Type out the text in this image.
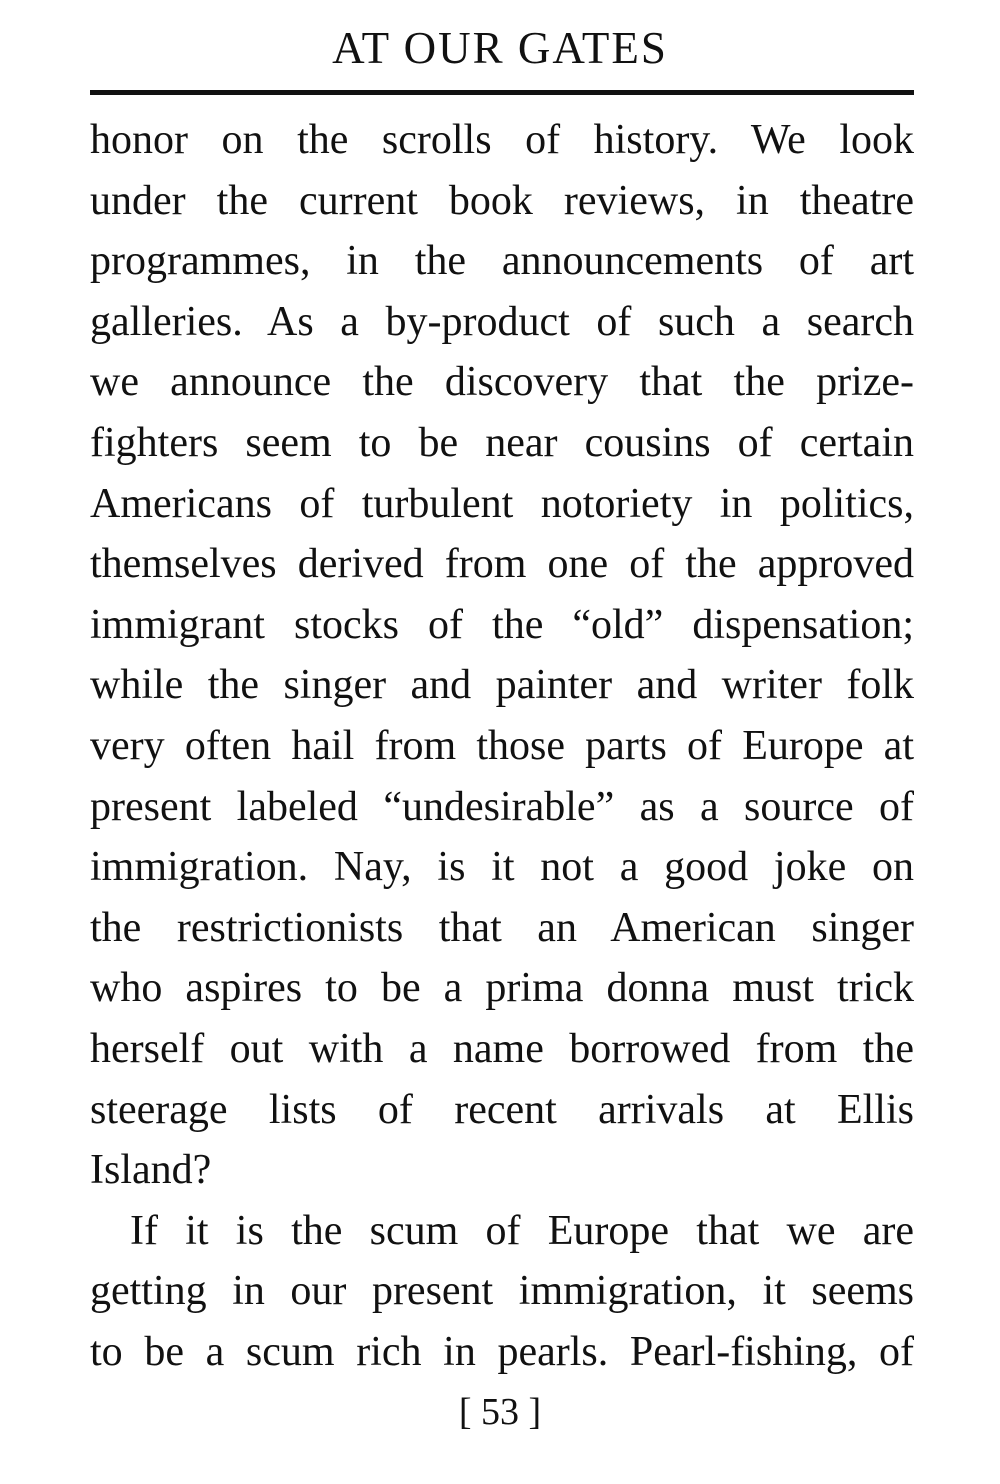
AT OUR GATES
honor on the scrolls of history. We look
under the current book reviews, in theatre
programmes, in the announcements of art
galleries. As a by-product of such a search
we announce the discovery that the prize-
fighters seem to be near cousins of certain
Americans of turbulent notoriety in politics,
themselves derived from one of the approved
immigrant stocks of the “old” dispensation;
while the singer and painter and writer folk
very often hail from those parts of Europe at
present labeled “undesirable” as a source of
immigration. Nay, is it not a good joke on
the restrictionists that an American singer
who aspires to be a prima donna must trick
herself out with a name borrowed from the
steerage lists of recent arrivals at Ellis
Island?
If it is the scum of Europe that we are
getting in our present immigration, it seems
to be a scum rich in pearls. Pearl-fishing, of
[ 53 ]
